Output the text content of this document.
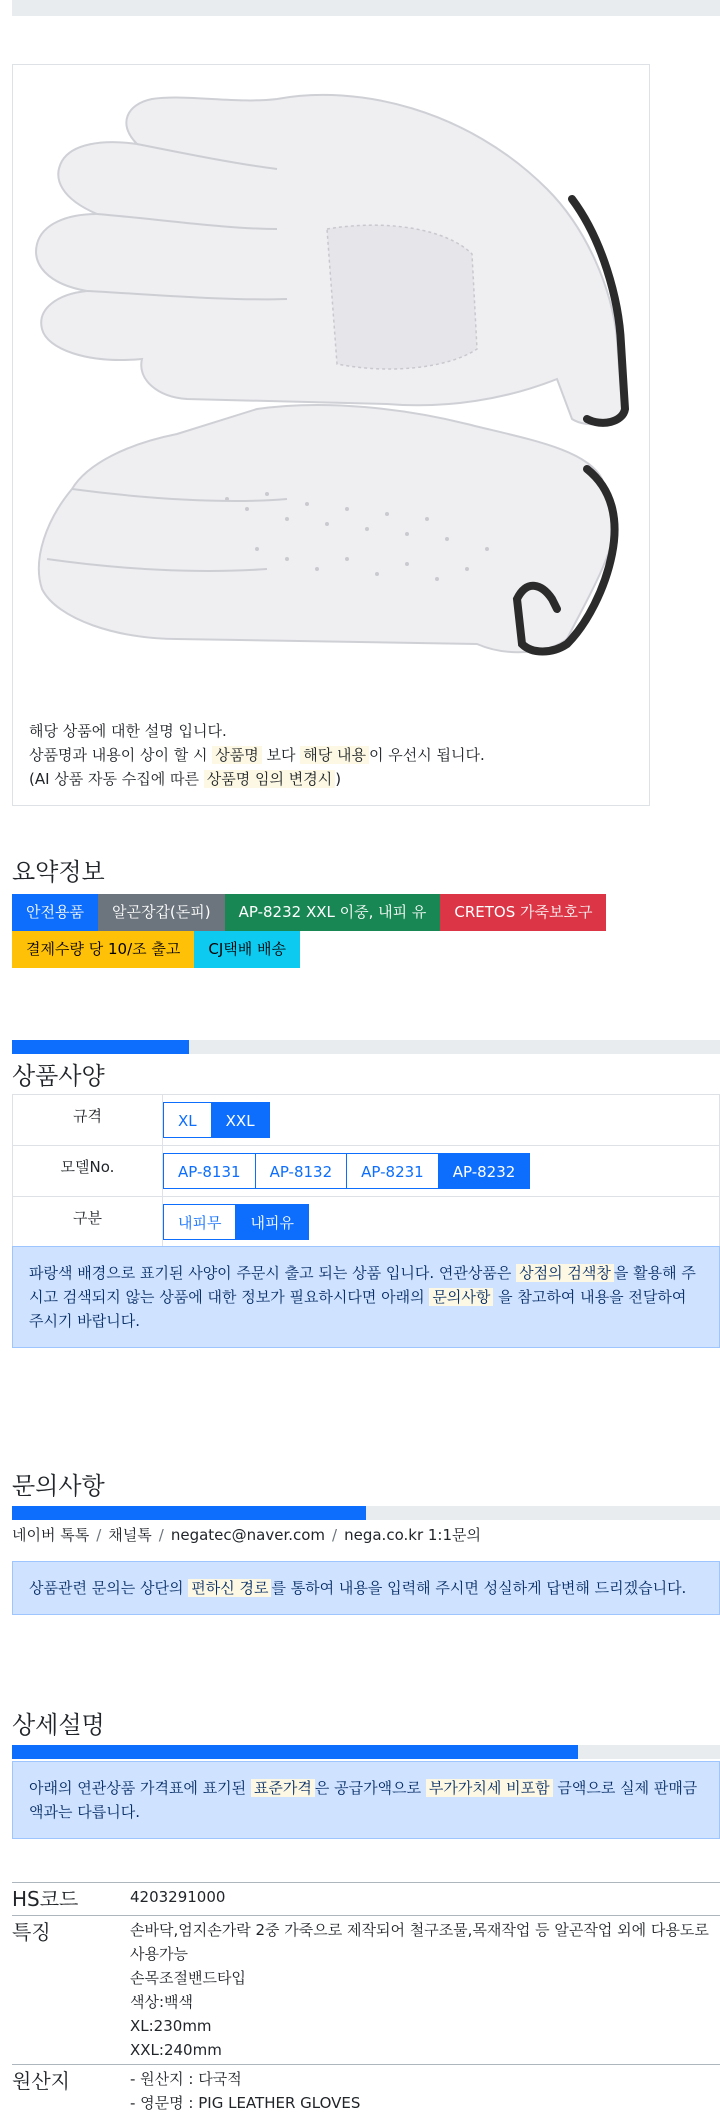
해당 상품에 대한 설명 입니다.
상품명과 내용이 상이 할 시 상품명 보다 해당 내용 이 우선시 됩니다.
(AI 상품 자동 수집에 따른 상품명 임의 변경시 )
요약정보
안전용품	알곤장갑(돈피)	AP-8232 XXL 이중, 내피 유	CRETOS 가죽보호구
결제수량 당 10/조 출고	CJ택배 배송
상품사양
규격	XL XXL
모델No.	AP-8131 AP-8132 AP-8231 AP-8232
구분	내피무 내피유
파랑색 배경으로 표기된 사양이 주문시 출고 되는 상품 입니다. 연관상품은 상점의 검색창 을 활용해 주시고 검색되지 않는 상품에 대한 정보가 필요하시다면 아래의 문의사항 을 참고하여 내용을 전달하여 주시기 바랍니다.
문의사항
네이버 톡톡 / 채널톡 / negatec@naver.com / nega.co.kr 1:1문의
상품관련 문의는 상단의 편하신 경로 를 통하여 내용을 입력해 주시면 성실하게 답변해 드리겠습니다.
상세설명
아래의 연관상품 가격표에 표기된 표준가격 은 공급가액으로 부가가치세 비포함 금액으로 실제 판매금액과는 다릅니다.
HS코드	4203291000

특징	손바닥,엄지손가락 2중 가죽으로 제작되어 철구조물,목재작업 등 알곤작업 외에 다용도로 사용가능
손목조절밴드타입
색상:백색
XL:230mm
XXL:240mm

원산지	- 원산지 : 다국적
- 영문명 : PIG LEATHER GLOVES
